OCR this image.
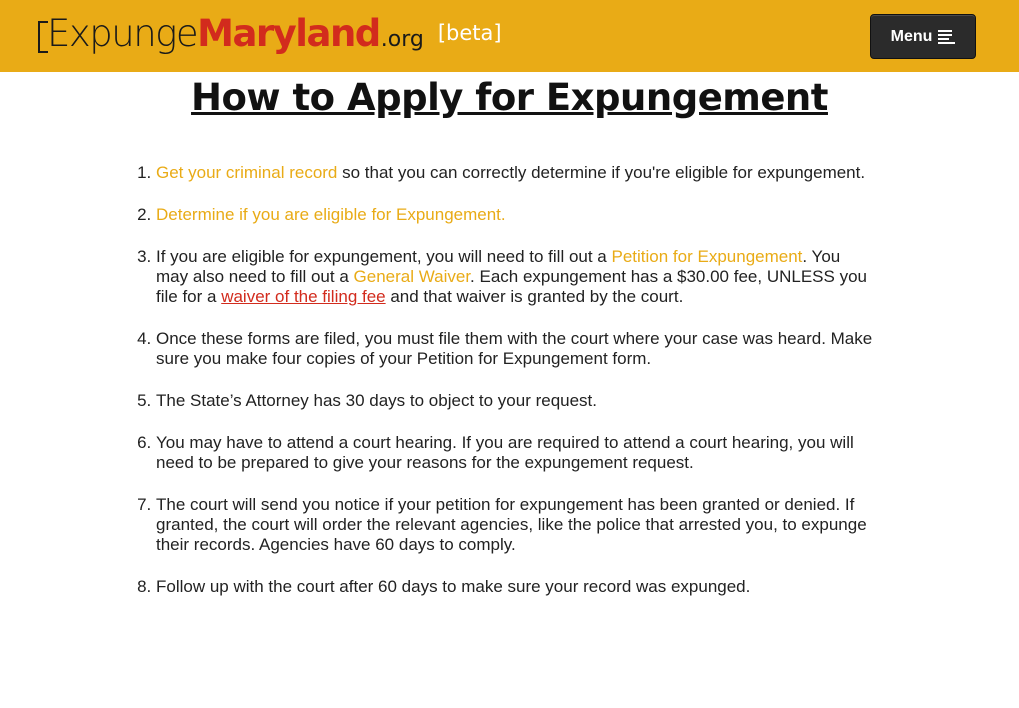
Expunge Maryland .org [beta]	Menu
How to Apply for Expungement
1. Get your criminal record so that you can correctly determine if you're eligible for expungement.
2. Determine if you are eligible for Expungement.
3. If you are eligible for expungement, you will need to fill out a Petition for Expungement. You may also need to fill out a General Waiver. Each expungement has a $30.00 fee, UNLESS you file for a waiver of the filing fee and that waiver is granted by the court.
4. Once these forms are filed, you must file them with the court where your case was heard. Make sure you make four copies of your Petition for Expungement form.
5. The State’s Attorney has 30 days to object to your request.
6. You may have to attend a court hearing. If you are required to attend a court hearing, you will need to be prepared to give your reasons for the expungement request.
7. The court will send you notice if your petition for expungement has been granted or denied. If granted, the court will order the relevant agencies, like the police that arrested you, to expunge their records. Agencies have 60 days to comply.
8. Follow up with the court after 60 days to make sure your record was expunged.
